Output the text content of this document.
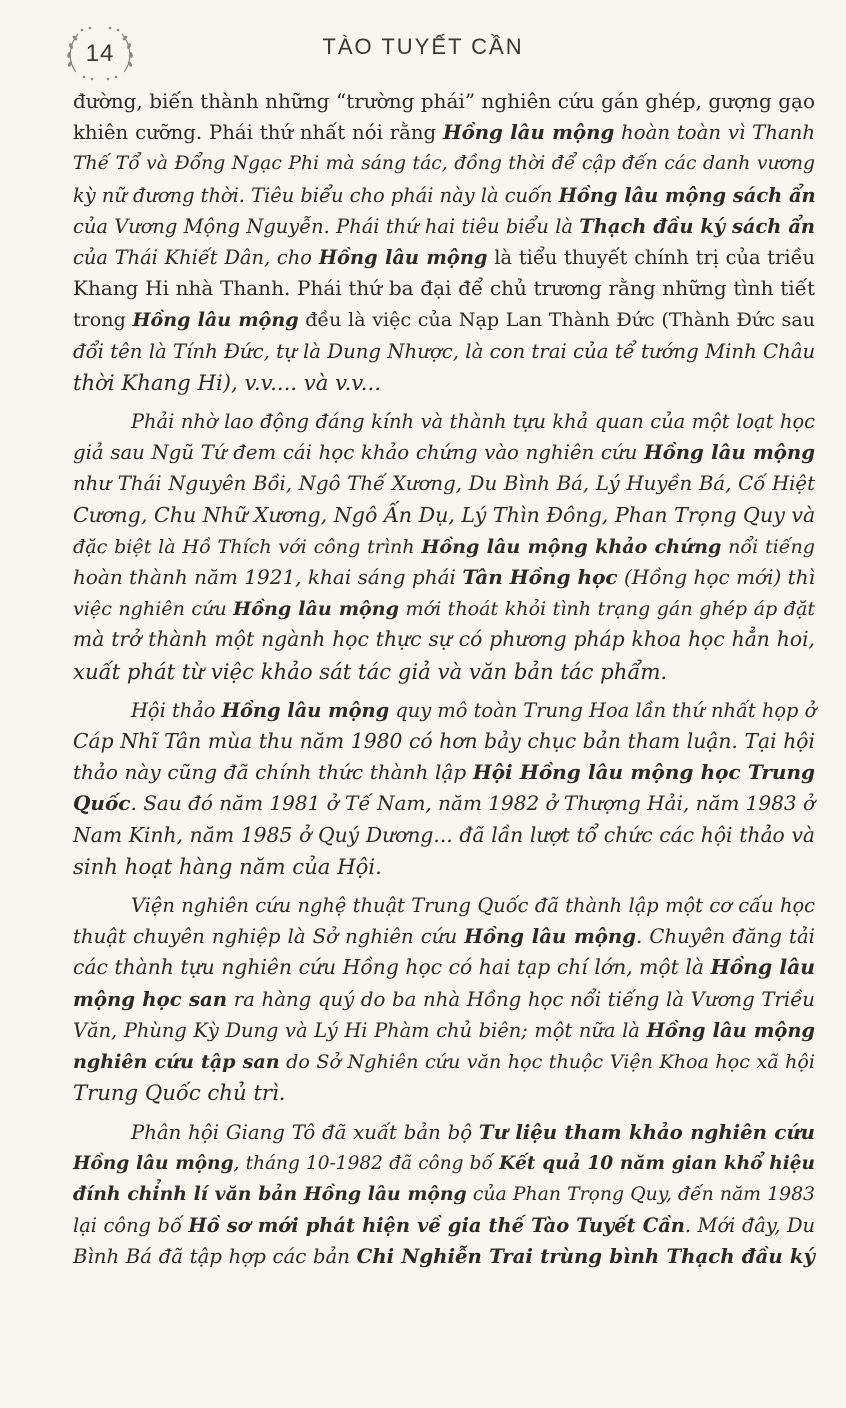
14	TÀO TUYẾT CẦN
đường, biến thành những “trường phái” nghiên cứu gán ghép, gượng gạo
khiên cưỡng. Phái thứ nhất nói rằng Hồng lâu mộng hoàn toàn vì Thanh
Thế Tổ và Đổng Ngạc Phi mà sáng tác, đồng thời để cập đến các danh vương
kỳ nữ đương thời. Tiêu biểu cho phái này là cuốn Hồng lâu mộng sách ẩn
của Vương Mộng Nguyễn. Phái thứ hai tiêu biểu là Thạch đầu ký sách ẩn
của Thái Khiết Dân, cho Hồng lâu mộng là tiểu thuyết chính trị của triều
Khang Hi nhà Thanh. Phái thứ ba đại để chủ trương rằng những tình tiết
trong Hồng lâu mộng đều là việc của Nạp Lan Thành Đức (Thành Đức sau
đổi tên là Tính Đức, tự là Dung Nhược, là con trai của tể tướng Minh Châu
thời Khang Hi), v.v.... và v.v...
Phải nhờ lao động đáng kính và thành tựu khả quan của một loạt học
giả sau Ngũ Tứ đem cái học khảo chứng vào nghiên cứu Hồng lâu mộng
như Thái Nguyên Bồi, Ngô Thế Xương, Du Bình Bá, Lý Huyền Bá, Cố Hiệt
Cương, Chu Nhữ Xương, Ngô Ấn Dụ, Lý Thìn Đông, Phan Trọng Quy và
đặc biệt là Hồ Thích với công trình Hồng lâu mộng khảo chứng nổi tiếng
hoàn thành năm 1921, khai sáng phái Tân Hồng học (Hồng học mới) thì
việc nghiên cứu Hồng lâu mộng mới thoát khỏi tình trạng gán ghép áp đặt
mà trở thành một ngành học thực sự có phương pháp khoa học hẳn hoi,
xuất phát từ việc khảo sát tác giả và văn bản tác phẩm.
Hội thảo Hồng lâu mộng quy mô toàn Trung Hoa lần thứ nhất họp ở
Cáp Nhĩ Tân mùa thu năm 1980 có hơn bảy chục bản tham luận. Tại hội
thảo này cũng đã chính thức thành lập Hội Hồng lâu mộng học Trung
Quốc. Sau đó năm 1981 ở Tế Nam, năm 1982 ở Thượng Hải, năm 1983 ở
Nam Kinh, năm 1985 ở Quý Dương... đã lần lượt tổ chức các hội thảo và
sinh hoạt hàng năm của Hội.
Viện nghiên cứu nghệ thuật Trung Quốc đã thành lập một cơ cấu học
thuật chuyên nghiệp là Sở nghiên cứu Hồng lâu mộng. Chuyên đăng tải
các thành tựu nghiên cứu Hồng học có hai tạp chí lớn, một là Hồng lâu
mộng học san ra hàng quý do ba nhà Hồng học nổi tiếng là Vương Triều
Văn, Phùng Kỳ Dung và Lý Hi Phàm chủ biên; một nữa là Hồng lâu mộng
nghiên cứu tập san do Sở Nghiên cứu văn học thuộc Viện Khoa học xã hội
Trung Quốc chủ trì.
Phân hội Giang Tô đã xuất bản bộ Tư liệu tham khảo nghiên cứu
Hồng lâu mộng, tháng 10-1982 đã công bố Kết quả 10 năm gian khổ hiệu
đính chỉnh lí văn bản Hồng lâu mộng của Phan Trọng Quy, đến năm 1983
lại công bố Hồ sơ mới phát hiện về gia thế Tào Tuyết Cần. Mới đây, Du
Bình Bá đã tập hợp các bản Chi Nghiễn Trai trùng bình Thạch đầu ký
